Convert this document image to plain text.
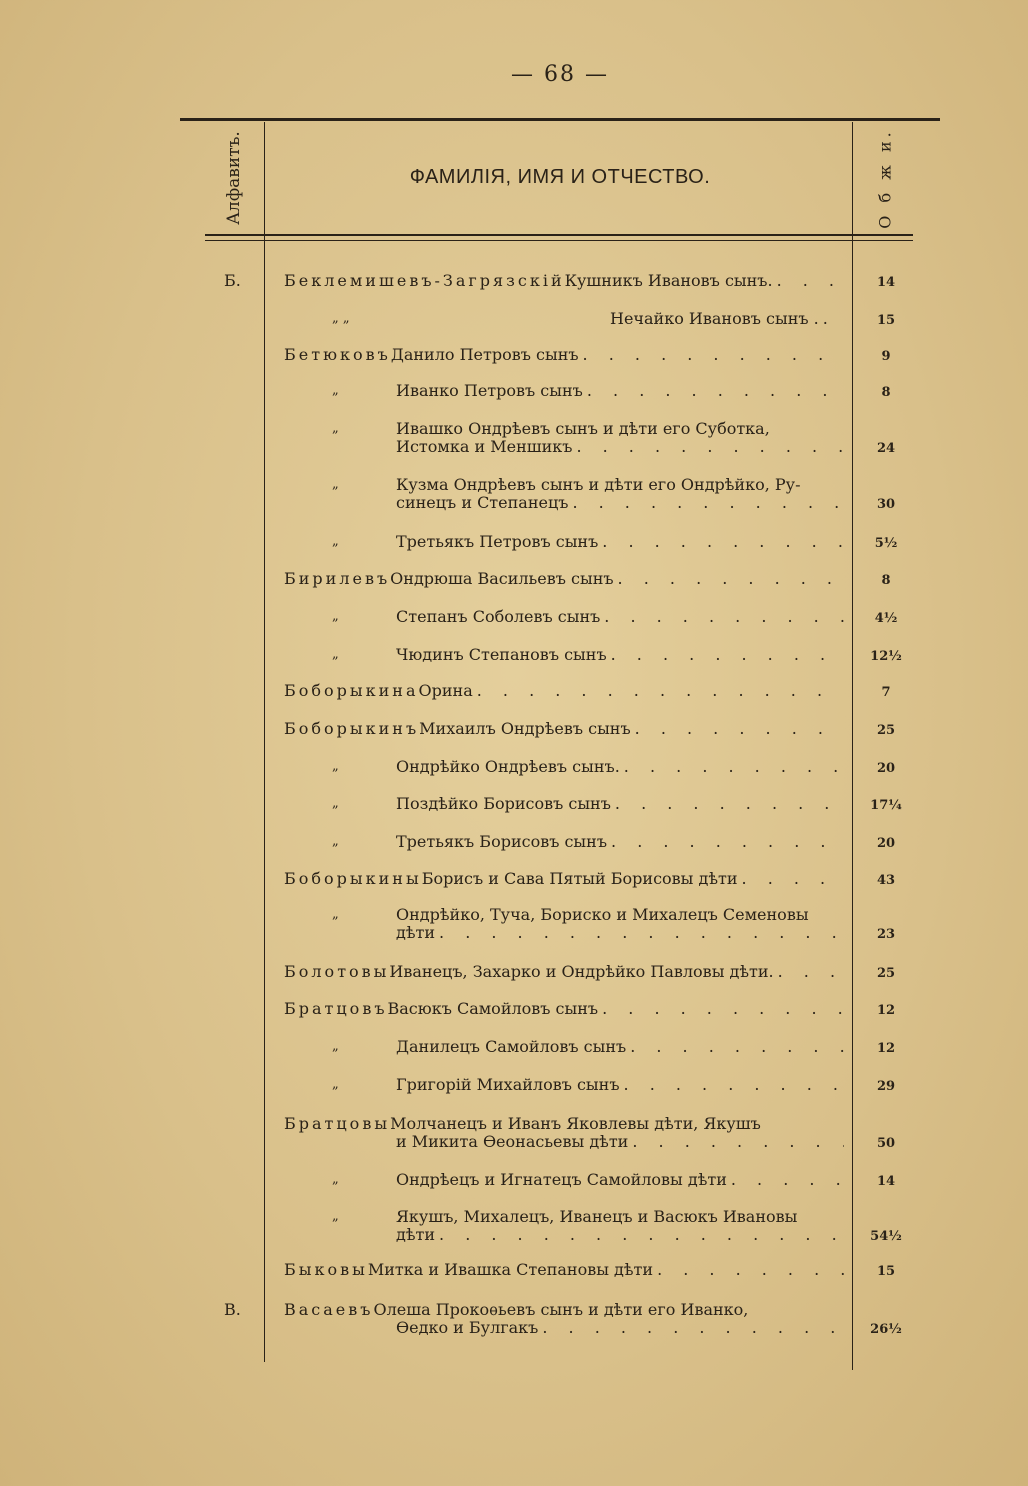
— 68 —
Алфавитъ.	ФАМИЛІЯ, ИМЯ И ОТЧЕСТВО.	О б ж и.
Б.	Беклемишевъ-Загрязскій Кушникъ Ивановъ сынъ. . . .	14
„ „	Нечайко Ивановъ сынъ . . . .	15
Бетюковъ Данило Петровъ сынъ . . .	9
„	Иванко Петровъ сынъ . . .	8
„	Ивашко Ондрѣевъ сынъ и дѣти его Суботка,
Истомка и Меншикъ . . .	24
„	Кузма Ондрѣевъ сынъ и дѣти его Ондрѣйко, Ру-
синецъ и Степанецъ . . .	30
„	Третьякъ Петровъ сынъ . . .	5½
Бирилевъ Ондрюша Васильевъ сынъ . . .	8
„	Степанъ Соболевъ сынъ . . .	4½
„	Чюдинъ Степановъ сынъ . . .	12½
Боборыкина Орина . . .	7
Боборыкинъ Михаилъ Ондрѣевъ сынъ . . .	25
„	Ондрѣйко Ондрѣевъ сынъ. . . .	20
„	Поздѣйко Борисовъ сынъ . . .	17¼
„	Третьякъ Борисовъ сынъ . . .	20
Боборыкины Борисъ и Сава Пятый Борисовы дѣти . . .	43
„	Ондрѣйко, Туча, Бориско и Михалецъ Семеновы
дѣти . . .	23
Болотовы Иванецъ, Захарко и Ондрѣйко Павловы дѣти. . . .	25
Братцовъ Васюкъ Самойловъ сынъ . . .	12
„	Данилецъ Самойловъ сынъ . . .	12
„	Григорій Михайловъ сынъ . . .	29
Братцовы Молчанецъ и Иванъ Яковлевы дѣти, Якушъ
и Микита Ѳеонасьевы дѣти . . .	50
„	Ондрѣецъ и Игнатецъ Самойловы дѣти . . .	14
„	Якушъ, Михалецъ, Иванецъ и Васюкъ Ивановы
дѣти . . .	54½
Быковы Митка и Ивашка Степановы дѣти . . .	15
В.	Васаевъ Олеша Прокоѳьевъ сынъ и дѣти его Иванко,
Ѳедко и Булгакъ . . .	26½
